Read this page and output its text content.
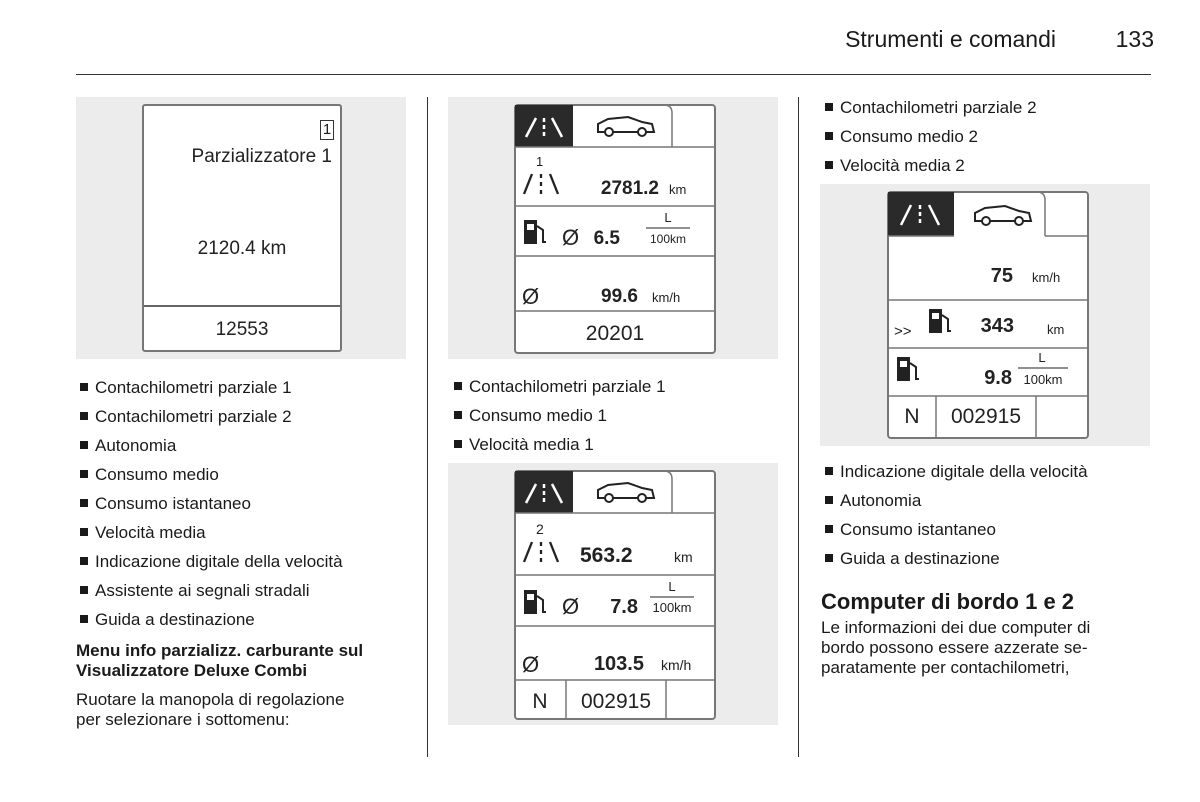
Strumenti e comandi	133
1
Parzializzatore 1
2120.4 km
12553
Contachilometri parziale 1
Contachilometri parziale 2
Autonomia
Consumo medio
Consumo istantaneo
Velocità media
Indicazione digitale della velocità
Assistente ai segnali stradali
Guida a destinazione
Menu info parzializz. carburante sul
Visualizzatore Deluxe Combi
Ruotare la manopola di regolazione
per selezionare i sottomenu:
1
2781.2 km
Ø 6.5
L
100km
Ø	99.6 km/h
20201
Contachilometri parziale 1
Consumo medio 1
Velocità media 1
2
563.2	km
Ø 7.8
L
100km
Ø	103.5 km/h
N 002915
Contachilometri parziale 2
Consumo medio 2
Velocità media 2
75 km/h
>>	343	km
9.8
L
100km
N 002915
Indicazione digitale della velocità
Autonomia
Consumo istantaneo
Guida a destinazione
Computer di bordo 1 e 2
Le informazioni dei due computer di
bordo possono essere azzerate se-
paratamente per contachilometri,
